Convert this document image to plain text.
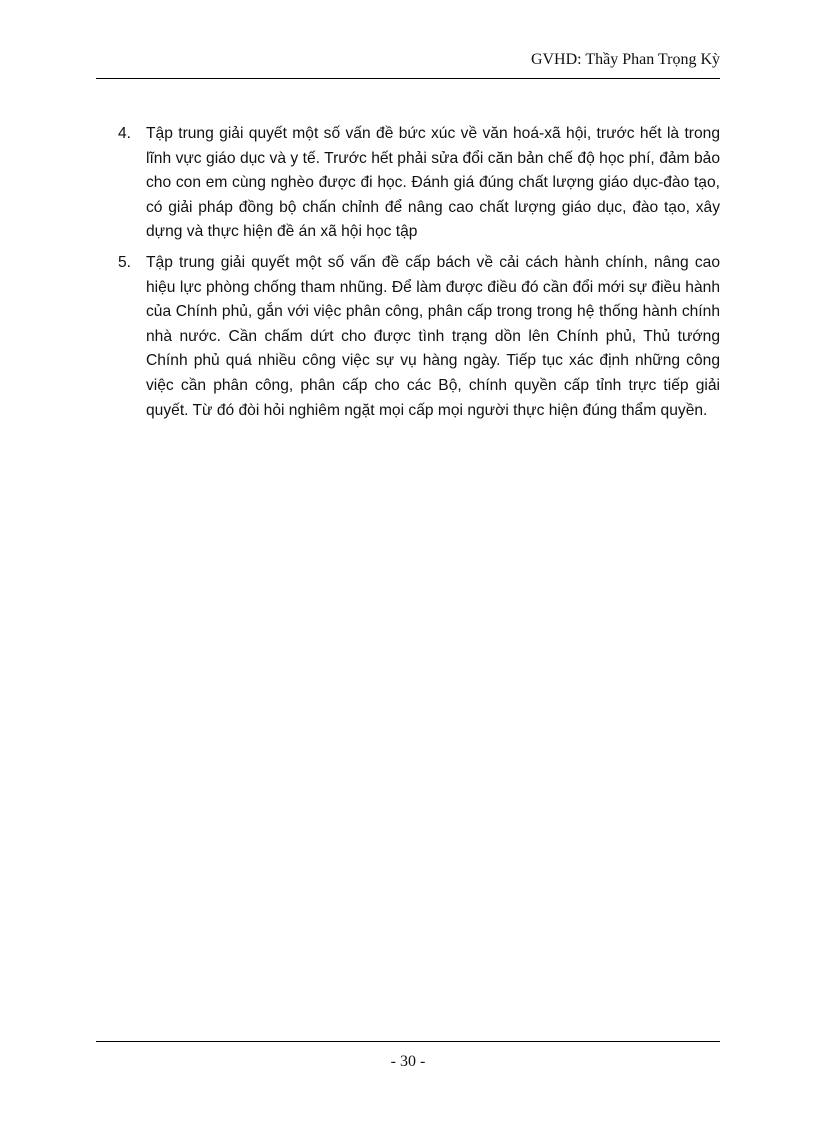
GVHD: Thầy Phan Trọng Kỳ
4. Tập trung giải quyết một số vấn đề bức xúc về văn hoá-xã hội, trước hết là trong lĩnh vực giáo dục và y tế. Trước hết phải sửa đổi căn bản chế độ học phí, đảm bảo cho con em cùng nghèo được đi học. Đánh giá đúng chất lượng giáo dục-đào tạo, có giải pháp đồng bộ chấn chỉnh để nâng cao chất lượng giáo dục, đào tạo, xây dựng và thực hiện đề án xã hội học tập
5. Tập trung giải quyết một số vấn đề cấp bách về cải cách hành chính, nâng cao hiệu lực phòng chống tham nhũng. Để làm được điều đó cần đổi mới sự điều hành của Chính phủ, gắn với việc phân công, phân cấp trong trong hệ thống hành chính nhà nước. Cần chấm dứt cho được tình trạng dồn lên Chính phủ, Thủ tướng Chính phủ quá nhiều công việc sự vụ hàng ngày. Tiếp tục xác định những công việc cần phân công, phân cấp cho các Bộ, chính quyền cấp tỉnh trực tiếp giải quyết. Từ đó đòi hỏi nghiêm ngặt mọi cấp mọi người thực hiện đúng thẩm quyền.
- 30 -
